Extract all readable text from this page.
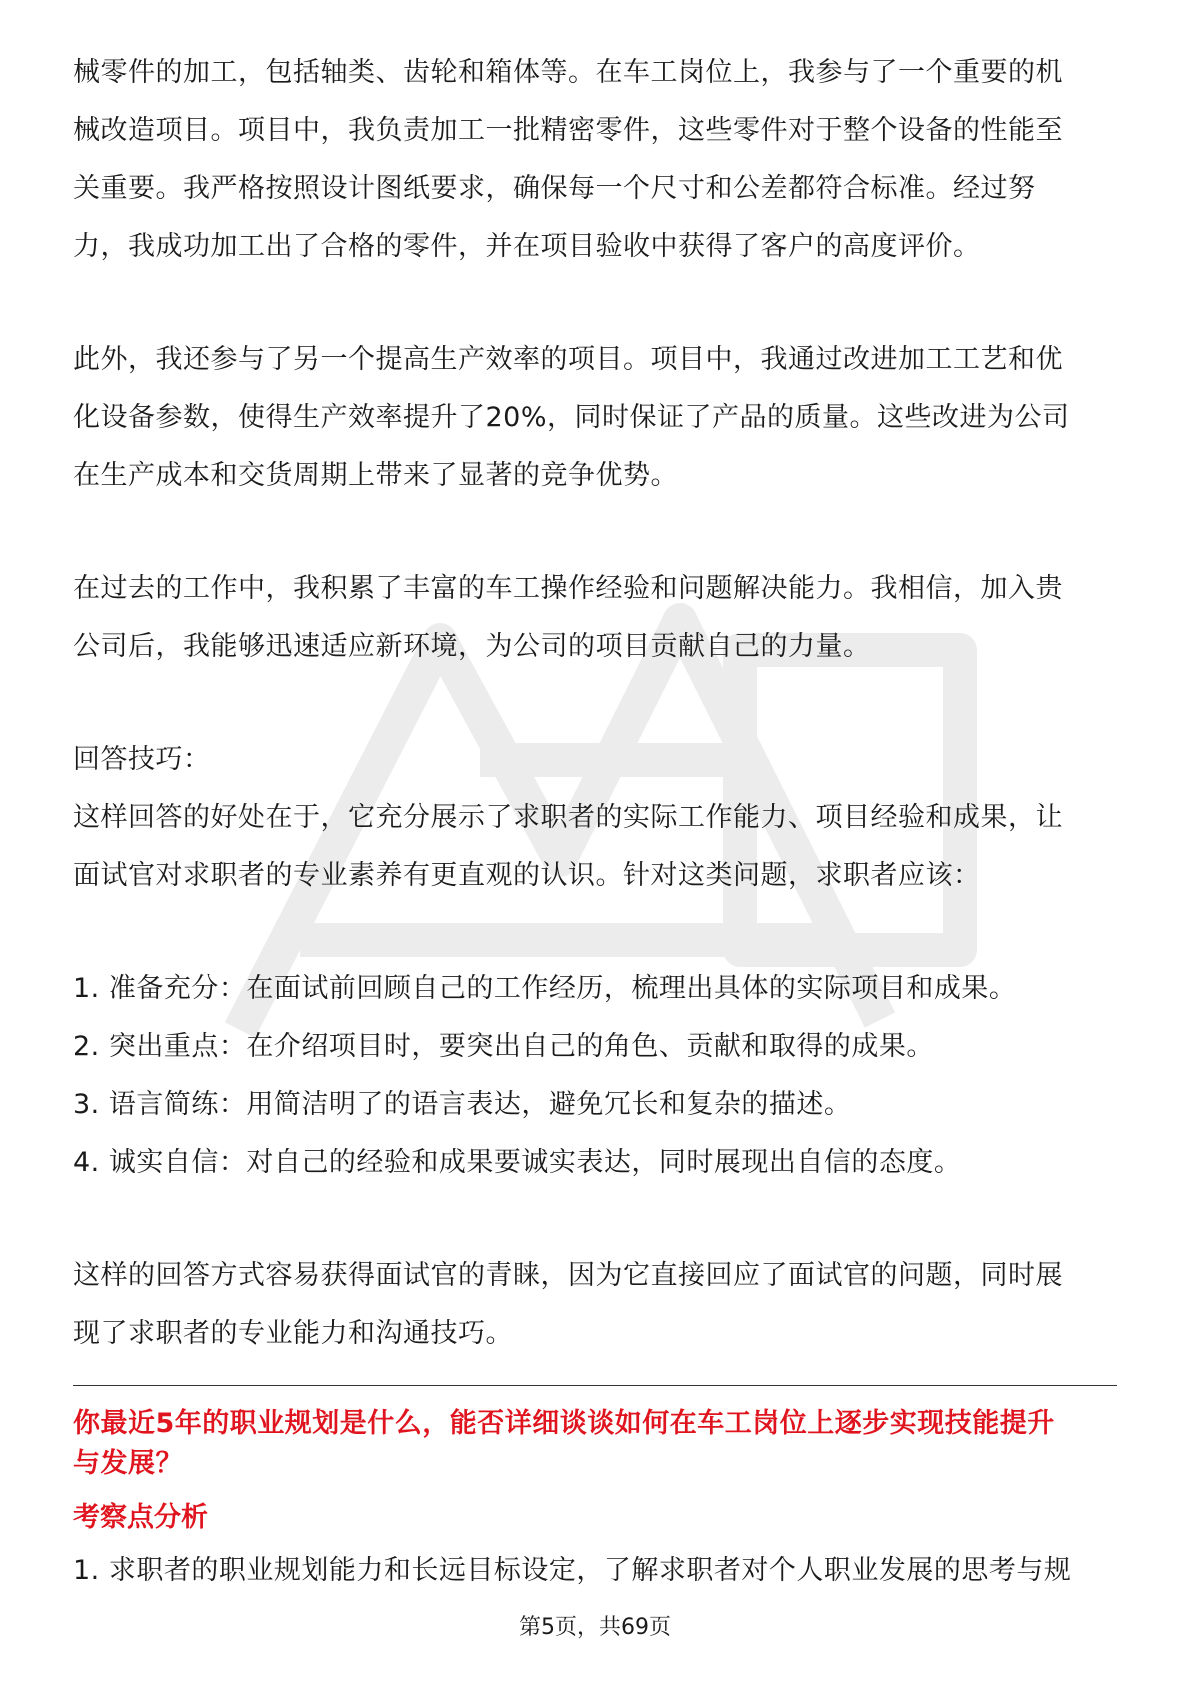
械零件的加工，包括轴类、齿轮和箱体等。在车工岗位上，我参与了一个重要的机

械改造项目。项目中，我负责加工一批精密零件，这些零件对于整个设备的性能至

关重要。我严格按照设计图纸要求，确保每一个尺寸和公差都符合标准。经过努

力，我成功加工出了合格的零件，并在项目验收中获得了客户的高度评价。

此外，我还参与了另一个提高生产效率的项目。项目中，我通过改进加工工艺和优

化设备参数，使得生产效率提升了20%，同时保证了产品的质量。这些改进为公司

在生产成本和交货周期上带来了显著的竞争优势。

在过去的工作中，我积累了丰富的车工操作经验和问题解决能力。我相信，加入贵

公司后，我能够迅速适应新环境，为公司的项目贡献自己的力量。

回答技巧：

这样回答的好处在于，它充分展示了求职者的实际工作能力、项目经验和成果，让

面试官对求职者的专业素养有更直观的认识。针对这类问题，求职者应该：

1. 准备充分：在面试前回顾自己的工作经历，梳理出具体的实际项目和成果。

2. 突出重点：在介绍项目时，要突出自己的角色、贡献和取得的成果。

3. 语言简练：用简洁明了的语言表达，避免冗长和复杂的描述。

4. 诚实自信：对自己的经验和成果要诚实表达，同时展现出自信的态度。

这样的回答方式容易获得面试官的青睐，因为它直接回应了面试官的问题，同时展

现了求职者的专业能力和沟通技巧。

你最近5年的职业规划是什么，能否详细谈谈如何在车工岗位上逐步实现技能提升

与发展？

考察点分析

1. 求职者的职业规划能力和长远目标设定，了解求职者对个人职业发展的思考与规

第5页，共69页
